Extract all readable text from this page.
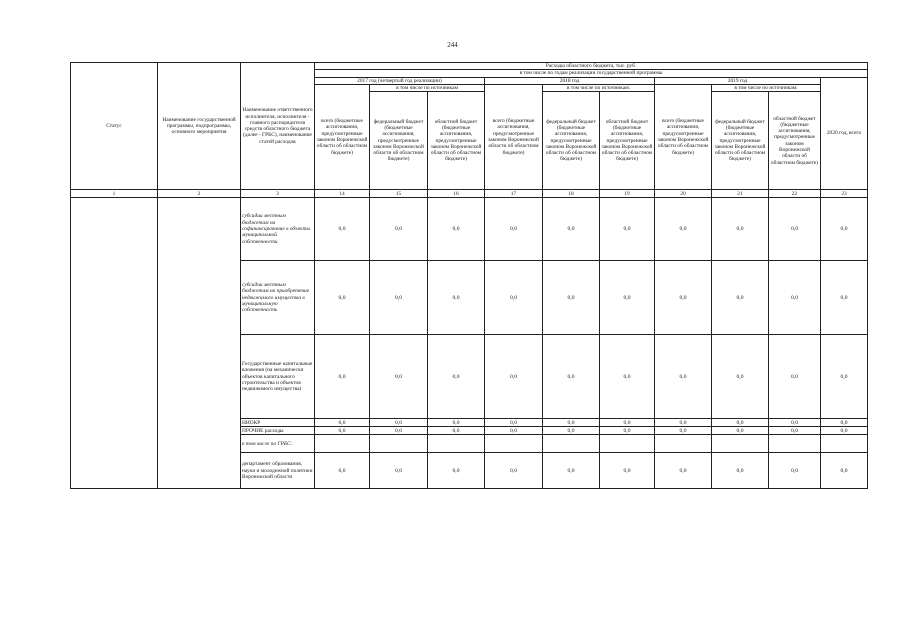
244
Статус	Наименование государственной программы, подпрограммы, основного мероприятия	Наименование ответственного исполнителя, исполнителя - главного распорядителя средств областного бюджета (далее - ГРБС), наименование статей расходов	Расходы областного бюджета, тыс. руб.									
			в том числе по годам реализации государственной программы									
			2017 год (четвертый год реализации)			2018 год			2019 год			2020 год, всего
			всего (бюджетные ассигнования, предусмотренные законом Воронежской области об областном бюджете)	в том числе по источникам		всего (бюджетные ассигнования, предусмотренные законом Воронежской области об областном бюджете)	в том числе по источникам:		всего (бюджетные ассигнования, предусмотренные законом Воронежской области об областном бюджете)	в том числе по источникам:		
				федеральный бюджет (бюджетные ассигнования, предусмотренные законом Воронежской области об областном бюджете)	областной бюджет (бюджетные ассигнования, предусмотренные законом Воронежской области об областном бюджете)		федеральный бюджет (бюджетные ассигнования, предусмотренные законом Воронежской области об областном бюджете)	областной бюджет (бюджетные ассигнования, предусмотренные законом Воронежской области об областном бюджете)		федеральный бюджет (бюджетные ассигнования, предусмотренные законом Воронежской области об областном бюджете)	областной бюджет (бюджетные ассигнования, предусмотренные законом Воронежской области об областном бюджете)	
1	2	3	14	15	16	17	18	19	20	21	22	23
		субсидии местным бюджетам на софинансирование в объекты муниципальной собственности	0,0	0,0	0,0	0,0	0,0	0,0	0,0	0,0	0,0	0,0
		субсидии местным бюджетам на приобретение недвижимого имущества в муниципальную собственность	0,0	0,0	0,0	0,0	0,0	0,0	0,0	0,0	0,0	0,0
		Государственные капитальные вложения (на механически объектов капитального строительства и объектов недвижимого имущества)	0,0	0,0	0,0	0,0	0,0	0,0	0,0	0,0	0,0	0,0
		НИОКР	0,0	0,0	0,0	0,0	0,0	0,0	0,0	0,0	0,0	0,0
		ПРОЧИЕ расходы	0,0	0,0	0,0	0,0	0,0	0,0	0,0	0,0	0,0	0,0
		в том числе по ГРБС:										
		департамент образования, науки и молодежной политики Воронежской области	0,0	0,0	0,0	0,0	0,0	0,0	0,0	0,0	0,0	0,0
